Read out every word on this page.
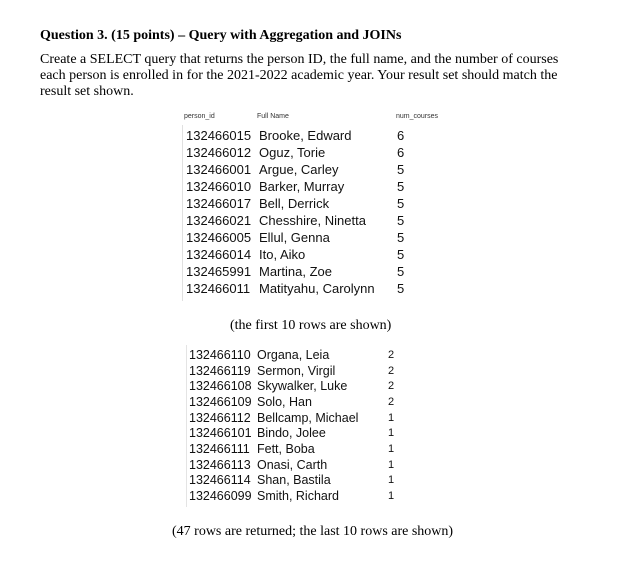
Question 3. (15 points) – Query with Aggregation and JOINs
Create a SELECT query that returns the person ID, the full name, and the number of courses each person is enrolled in for the 2021-2022 academic year. Your result set should match the result set shown.
person_id	Full Name	num_courses
132466015	Brooke, Edward	6
132466012	Oguz, Torie	6
132466001	Argue, Carley	5
132466010	Barker, Murray	5
132466017	Bell, Derrick	5
132466021	Chesshire, Ninetta	5
132466005	Ellul, Genna	5
132466014	Ito, Aiko	5
132465991	Martina, Zoe	5
132466011	Matityahu, Carolynn	5
(the first 10 rows are shown)
132466110	Organa, Leia	2
132466119	Sermon, Virgil	2
132466108	Skywalker, Luke	2
132466109	Solo, Han	2
132466112	Bellcamp, Michael	1
132466101	Bindo, Jolee	1
132466111	Fett, Boba	1
132466113	Onasi, Carth	1
132466114	Shan, Bastila	1
132466099	Smith, Richard	1
(47 rows are returned; the last 10 rows are shown)
